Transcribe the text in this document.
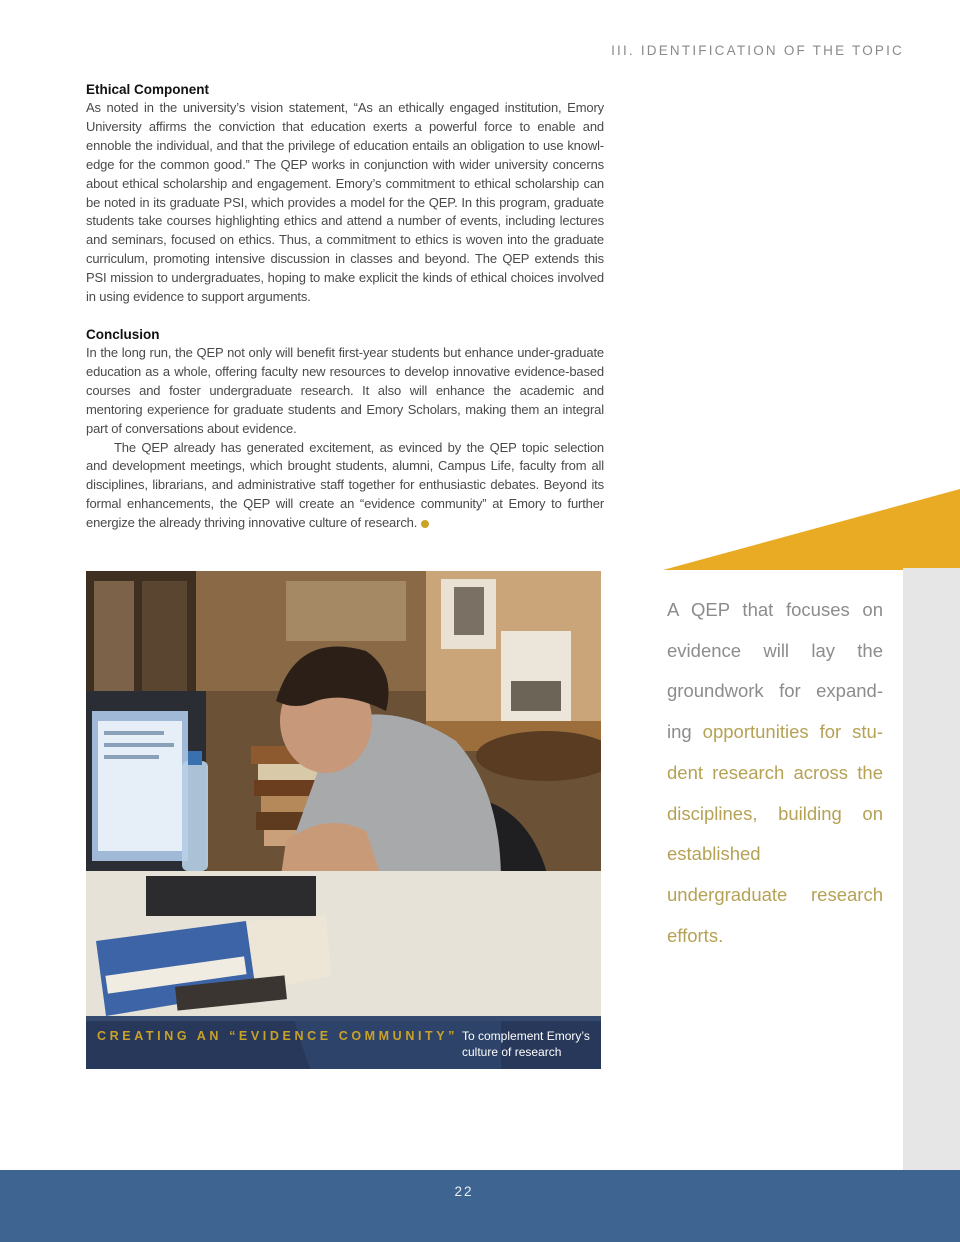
III. IDENTIFICATION OF THE TOPIC
Ethical Component

As noted in the university’s vision statement, “As an ethically engaged institution, Emory University affirms the conviction that education exerts a powerful force to enable and ennoble the individual, and that the privilege of education entails an obligation to use knowl-edge for the common good.” The QEP works in conjunction with wider university concerns about ethical scholarship and engagement. Emory’s commitment to ethical scholarship can be noted in its graduate PSI, which provides a model for the QEP. In this program, graduate students take courses highlighting ethics and attend a number of events, including lectures and seminars, focused on ethics. Thus, a commitment to ethics is woven into the graduate curriculum, promoting intensive discussion in classes and beyond. The QEP extends this PSI mission to undergraduates, hoping to make explicit the kinds of ethical choices involved in using evidence to support arguments.

Conclusion

In the long run, the QEP not only will benefit first-year students but enhance under-graduate education as a whole, offering faculty new resources to develop innovative evidence-based courses and foster undergraduate research. It also will enhance the academic and mentoring experience for graduate students and Emory Scholars, making them an integral part of conversations about evidence.

The QEP already has generated excitement, as evinced by the QEP topic selection and development meetings, which brought students, alumni, Campus Life, faculty from all disciplines, librarians, and administrative staff together for enthusiastic debates. Beyond its formal enhancements, the QEP will create an “evidence community” at Emory to further energize the already thriving innovative culture of research.

A QEP that focuses on evidence will lay the groundwork for expand-ing opportunities for stu-dent research across the disciplines, building on established undergraduate research efforts.
CREATING AN “EVIDENCE COMMUNITY” To complement Emory’s culture of research
22
